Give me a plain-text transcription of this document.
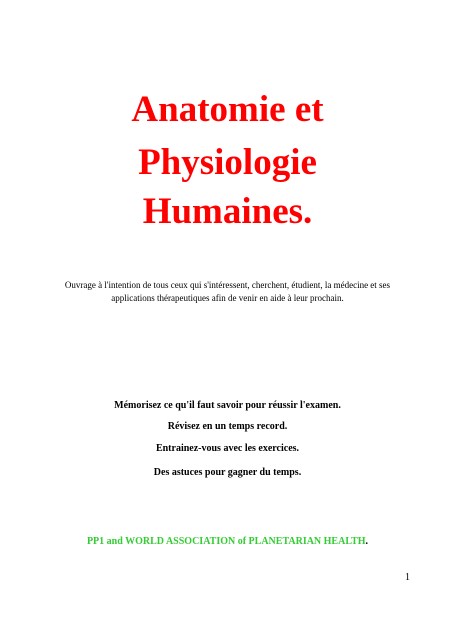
Anatomie et
Physiologie
Humaines.
Ouvrage à l'intention de tous ceux qui s'intéressent, cherchent, étudient, la médecine et ses
applications thérapeutiques afin de venir en aide à leur prochain.
Mémorisez ce qu'il faut savoir pour réussir l'examen.
Révisez en un temps record.
Entrainez-vous avec les exercices.
Des astuces pour gagner du temps.
PP1 and WORLD ASSOCIATION of PLANETARIAN HEALTH.
1
